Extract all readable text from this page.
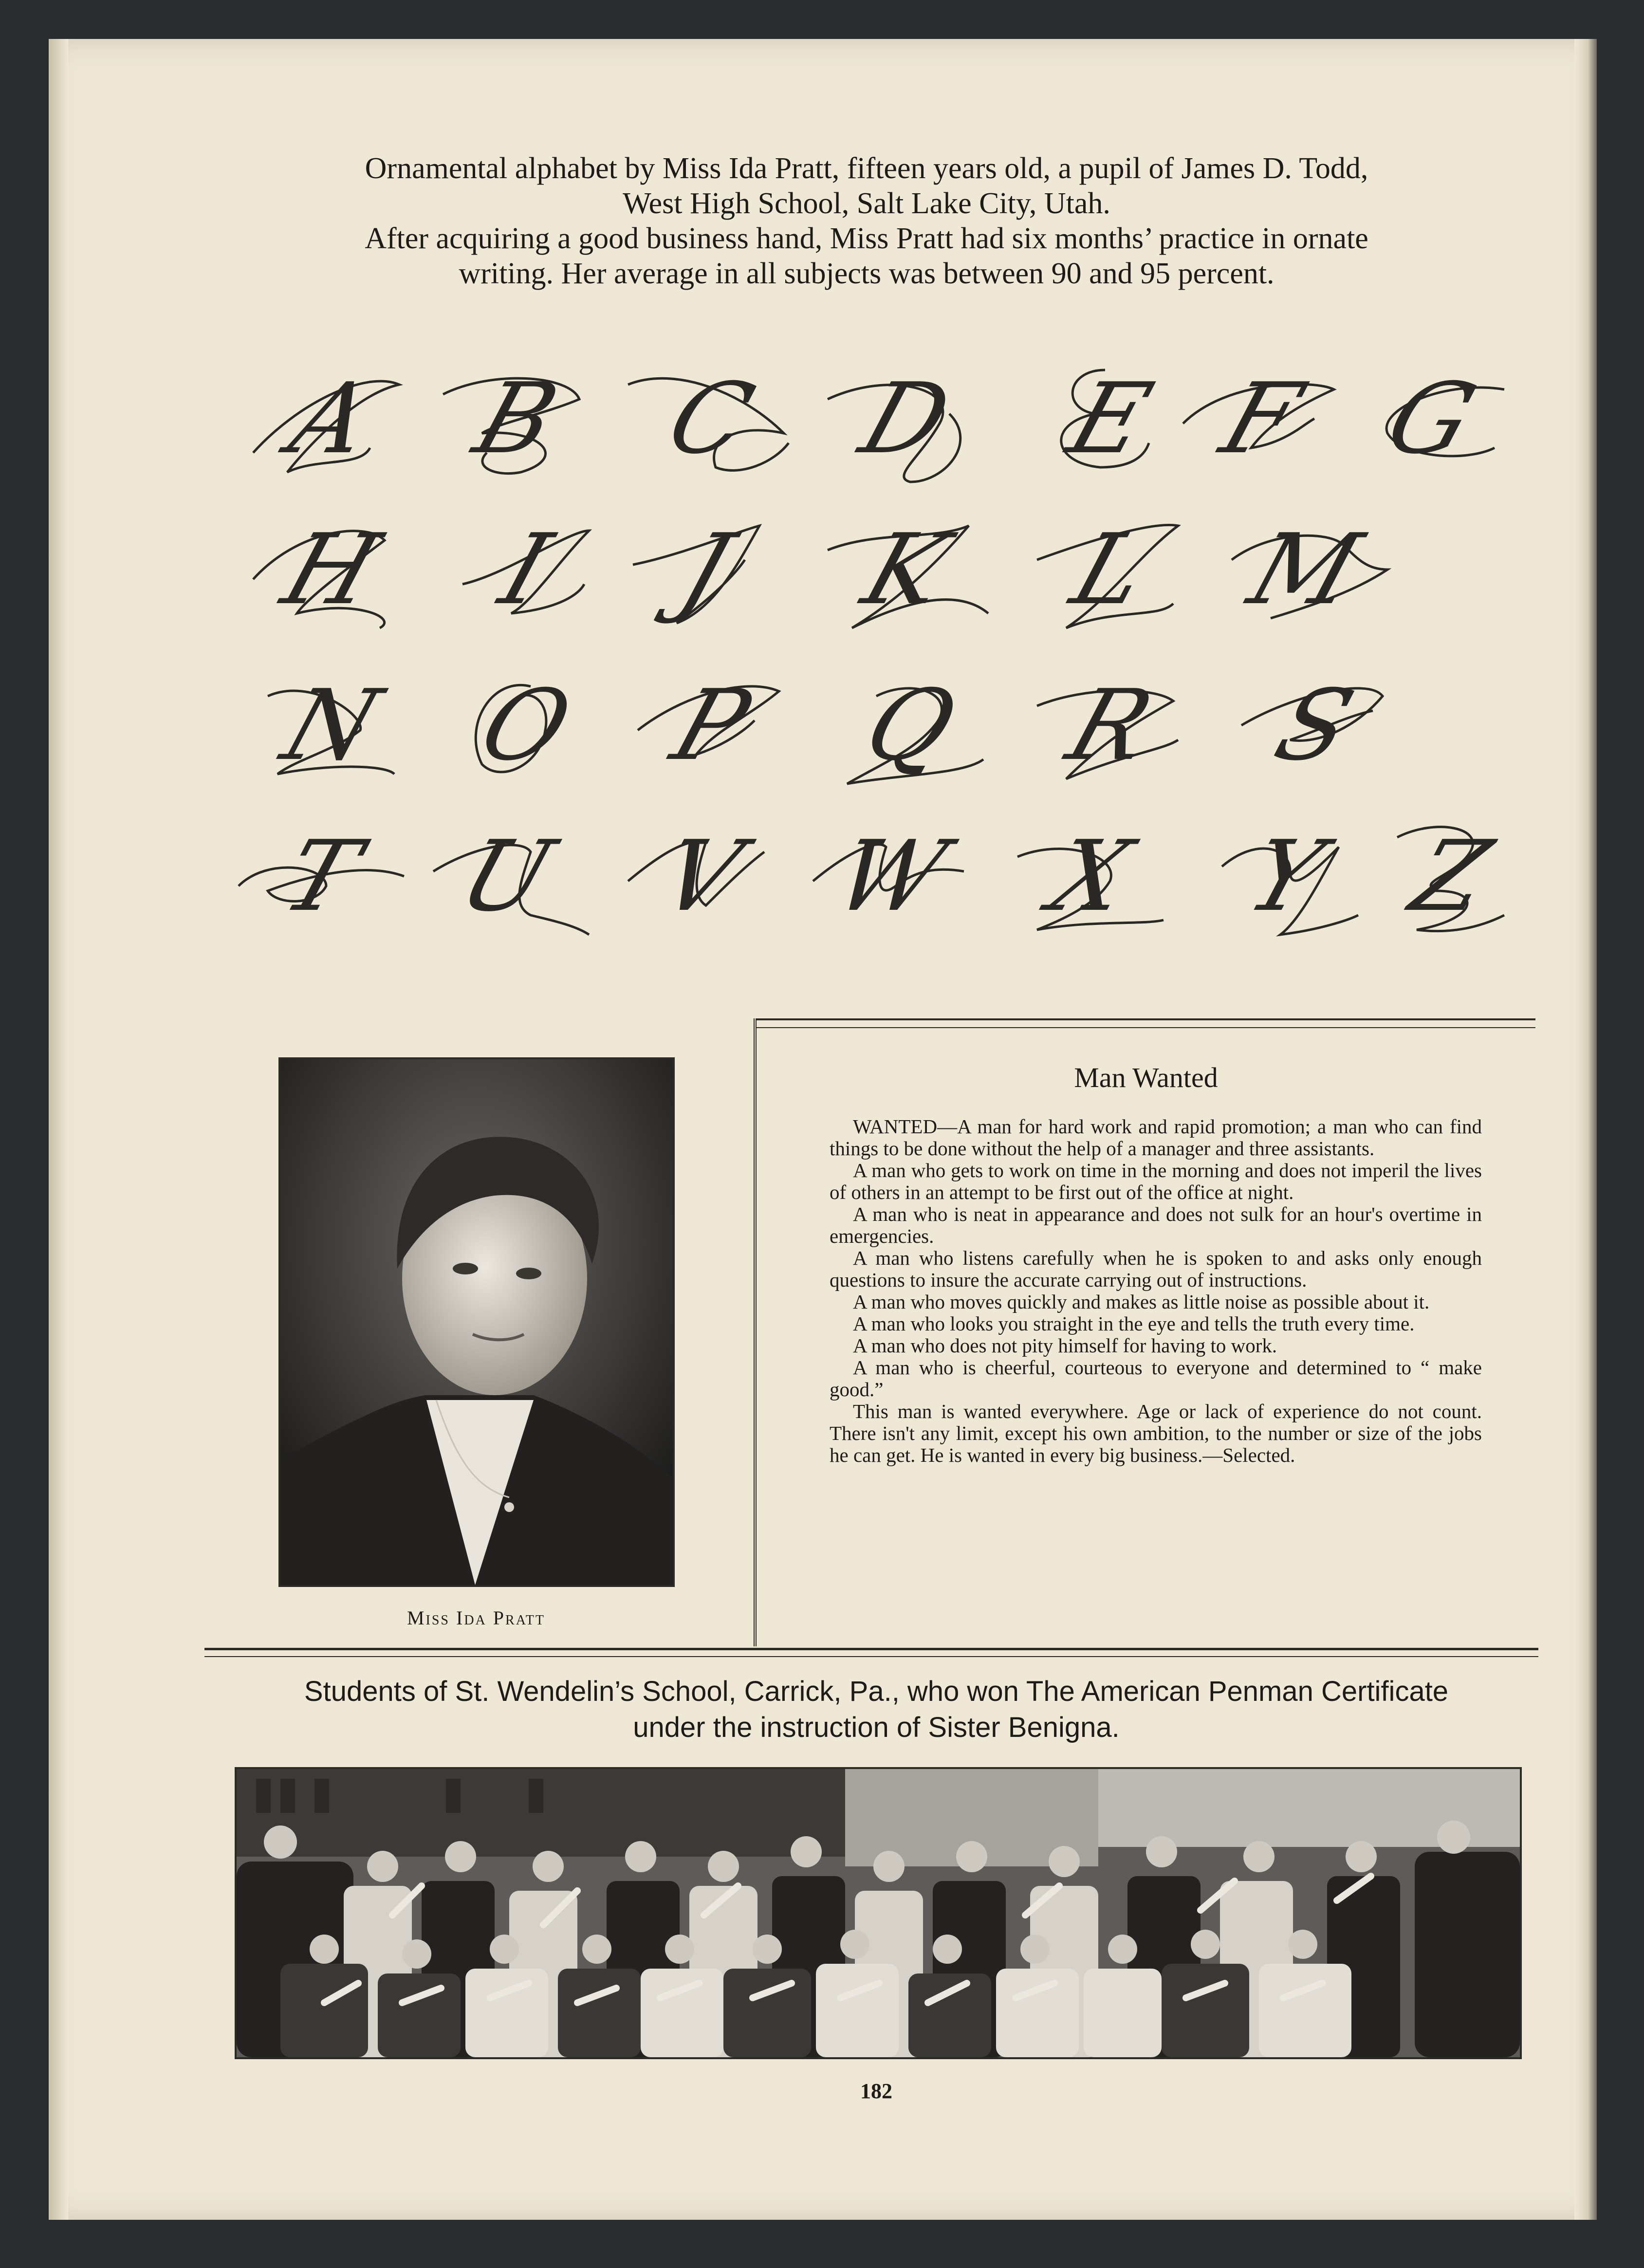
Ornamental alphabet by Miss Ida Pratt, fifteen years old, a pupil of James D. Todd,
West High School, Salt Lake City, Utah.
After acquiring a good business hand, Miss Pratt had six months’ practice in ornate
writing. Her average in all subjects was between 90 and 95 percent.
A B C D E F G
H I J K L M
N O P Q R S
T U V W X Y Z
Miss Ida Pratt
Man Wanted

WANTED—A man for hard work and rapid promotion; a man who can find things to be done without the help of a manager and three assistants.

A man who gets to work on time in the morning and does not imperil the lives of others in an attempt to be first out of the office at night.

A man who is neat in appearance and does not sulk for an hour's overtime in emergencies.

A man who listens carefully when he is spoken to and asks only enough questions to insure the accurate carrying out of instructions.

A man who moves quickly and makes as little noise as possible about it.

A man who looks you straight in the eye and tells the truth every time.

A man who does not pity himself for having to work.

A man who is cheerful, courteous to everyone and determined to “ make good.”

This man is wanted everywhere. Age or lack of experience do not count. There isn't any limit, except his own ambition, to the number or size of the jobs he can get. He is wanted in every big business.—Selected.

Students of St. Wendelin’s School, Carrick, Pa., who won The American Penman Certificate
under the instruction of Sister Benigna.
182
